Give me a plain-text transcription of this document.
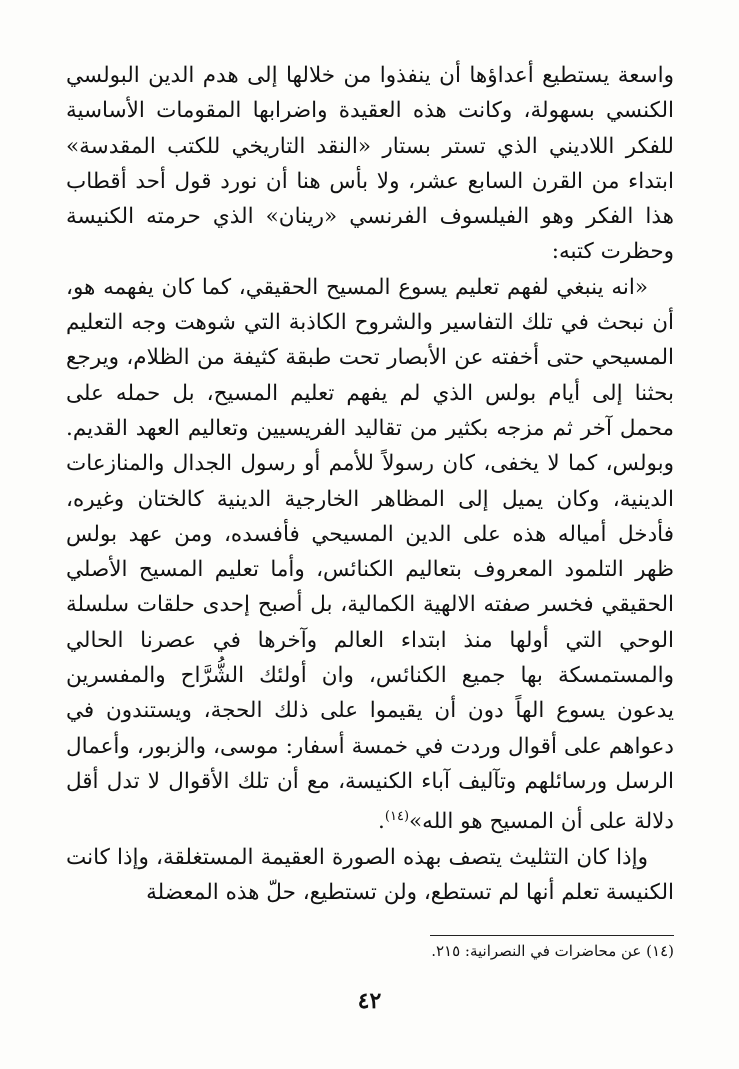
واسعة يستطيع أعداؤها أن ينفذوا من خلالها إلى هدم الدين البولسي الكنسي بسهولة، وكانت هذه العقيدة واضرابها المقومات الأساسية للفكر اللاديني الذي تستر بستار «النقد التاريخي للكتب المقدسة» ابتداء من القرن السابع عشر، ولا بأس هنا أن نورد قول أحد أقطاب هذا الفكر وهو الفيلسوف الفرنسي «رينان» الذي حرمته الكنيسة وحظرت كتبه:

«انه ينبغي لفهم تعليم يسوع المسيح الحقيقي، كما كان يفهمه هو، أن نبحث في تلك التفاسير والشروح الكاذبة التي شوهت وجه التعليم المسيحي حتى أخفته عن الأبصار تحت طبقة كثيفة من الظلام، ويرجع بحثنا إلى أيام بولس الذي لم يفهم تعليم المسيح، بل حمله على محمل آخر ثم مزجه بكثير من تقاليد الفريسيين وتعاليم العهد القديم. وبولس، كما لا يخفى، كان رسولاً للأمم أو رسول الجدال والمنازعات الدينية، وكان يميل إلى المظاهر الخارجية الدينية كالختان وغيره، فأدخل أمياله هذه على الدين المسيحي فأفسده، ومن عهد بولس ظهر التلمود المعروف بتعاليم الكنائس، وأما تعليم المسيح الأصلي الحقيقي فخسر صفته الالهية الكمالية، بل أصبح إحدى حلقات سلسلة الوحي التي أولها منذ ابتداء العالم وآخرها في عصرنا الحالي والمستمسكة بها جميع الكنائس، وان أولئك الشُّرَّاح والمفسرين يدعون يسوع الهاً دون أن يقيموا على ذلك الحجة، ويستندون في دعواهم على أقوال وردت في خمسة أسفار: موسى، والزبور، وأعمال الرسل ورسائلهم وتآليف آباء الكنيسة، مع أن تلك الأقوال لا تدل أقل دلالة على أن المسيح هو الله»$^{(١٤)}$.

وإذا كان التثليث يتصف بهذه الصورة العقيمة المستغلقة، وإذا كانت الكنيسة تعلم أنها لم تستطع، ولن تستطيع، حلّ هذه المعضلة

(١٤) عن محاضرات في النصرانية: ٢١٥.
٤٢
